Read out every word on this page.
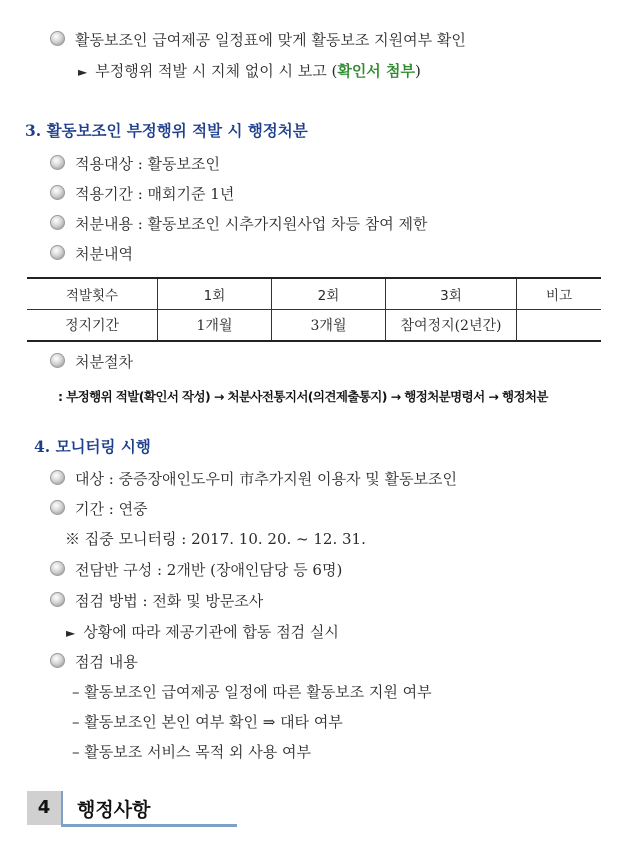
활동보조인 급여제공 일정표에 맞게 활동보조 지원여부 확인
► 부정행위 적발 시 지체 없이 시 보고 (확인서 첨부)
3. 활동보조인 부정행위 적발 시 행정처분
적용대상 : 활동보조인
적용기간 : 매회기준 1년
처분내용 : 활동보조인 시추가지원사업 차등 참여 제한
처분내역
적발횟수	1회	2회	3회	비고
정지기간	1개월	3개월	참여정지(2년간)	
처분절차
: 부정행위 적발(확인서 작성) → 처분사전통지서(의견제출통지) → 행정처분명령서 → 행정처분
4. 모니터링 시행
대상 : 중증장애인도우미 市추가지원 이용자 및 활동보조인
기간 : 연중
※ 집중 모니터링 : 2017. 10. 20. ~ 12. 31.
전담반 구성 : 2개반 (장애인담당 등 6명)
점검 방법 : 전화 및 방문조사
► 상황에 따라 제공기관에 합동 점검 실시
점검 내용
– 활동보조인 급여제공 일정에 따른 활동보조 지원 여부
– 활동보조인 본인 여부 확인 ⇒ 대타 여부
– 활동보조 서비스 목적 외 사용 여부
4	행정사항
